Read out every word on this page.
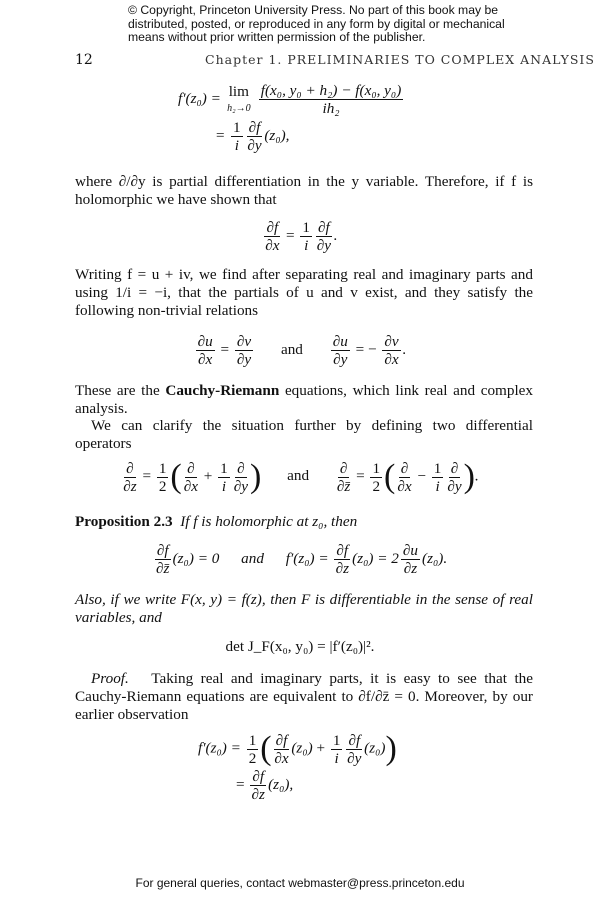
© Copyright, Princeton University Press. No part of this book may be
distributed, posted, or reproduced in any form by digital or mechanical
means without prior written permission of the publisher.
12	Chapter 1. PRELIMINARIES TO COMPLEX ANALYSIS
f′(z₀) = lim
h₂→0
$\frac{\text{f(x₀, y₀ + h₂) − f(x₀, y₀)}}{\text{ih₂}}$
= $\frac{1}{i} \frac{\partial f}{\partial y} (z_0)$,
where ∂/∂y is partial differentiation in the y variable. Therefore, if f is holomorphic we have shown that
$\frac{\partial f}{\partial x} = \frac{1}{i} \frac{\partial f}{\partial y}$ .
Writing f = u + iv, we find after separating real and imaginary parts and using 1/i = −i, that the partials of u and v exist, and they satisfy the following non-trivial relations
$\frac{\partial u}{\partial x} = \frac{\partial v}{\partial y}$ and $\frac{\partial u}{\partial y}$ = − $\frac{\partial v}{\partial x}$ .
These are the Cauchy-Riemann equations, which link real and complex analysis.
We can clarify the situation further by defining two differential operators
∂
∂z
= $\frac{1}{2}$ ( ∂
∂x
+ $\frac{1}{i}$ ∂
∂y ) and ∂
∂z̄
= $\frac{1}{2}$ ( ∂
∂x
− $\frac{1}{i}$ ∂
∂y ).
Proposition 2.3 If f is holomorphic at z₀, then
$\frac{\partial f}{\partial z̄} (z_0) = 0$ and $f'(z_0) = \frac{\partial f}{\partial z} (z_0) = 2 \frac{\partial u}{\partial z} (z_0)$.
Also, if we write F(x, y) = f(z), then F is differentiable in the sense of real variables, and
det J_F(x₀, y₀) = |f′(z₀)|².
Proof. Taking real and imaginary parts, it is easy to see that the Cauchy-Riemann equations are equivalent to ∂f/∂z̄ = 0. Moreover, by our earlier observation
$f'(z_0) = \frac{1}{2}$ ( $\frac{\partial f}{\partial x} (z_0) + \frac{1}{i} \frac{\partial f}{\partial y} (z_0)$)
= $\frac{\partial f}{\partial z} (z_0)$,
For general queries, contact webmaster@press.princeton.edu
